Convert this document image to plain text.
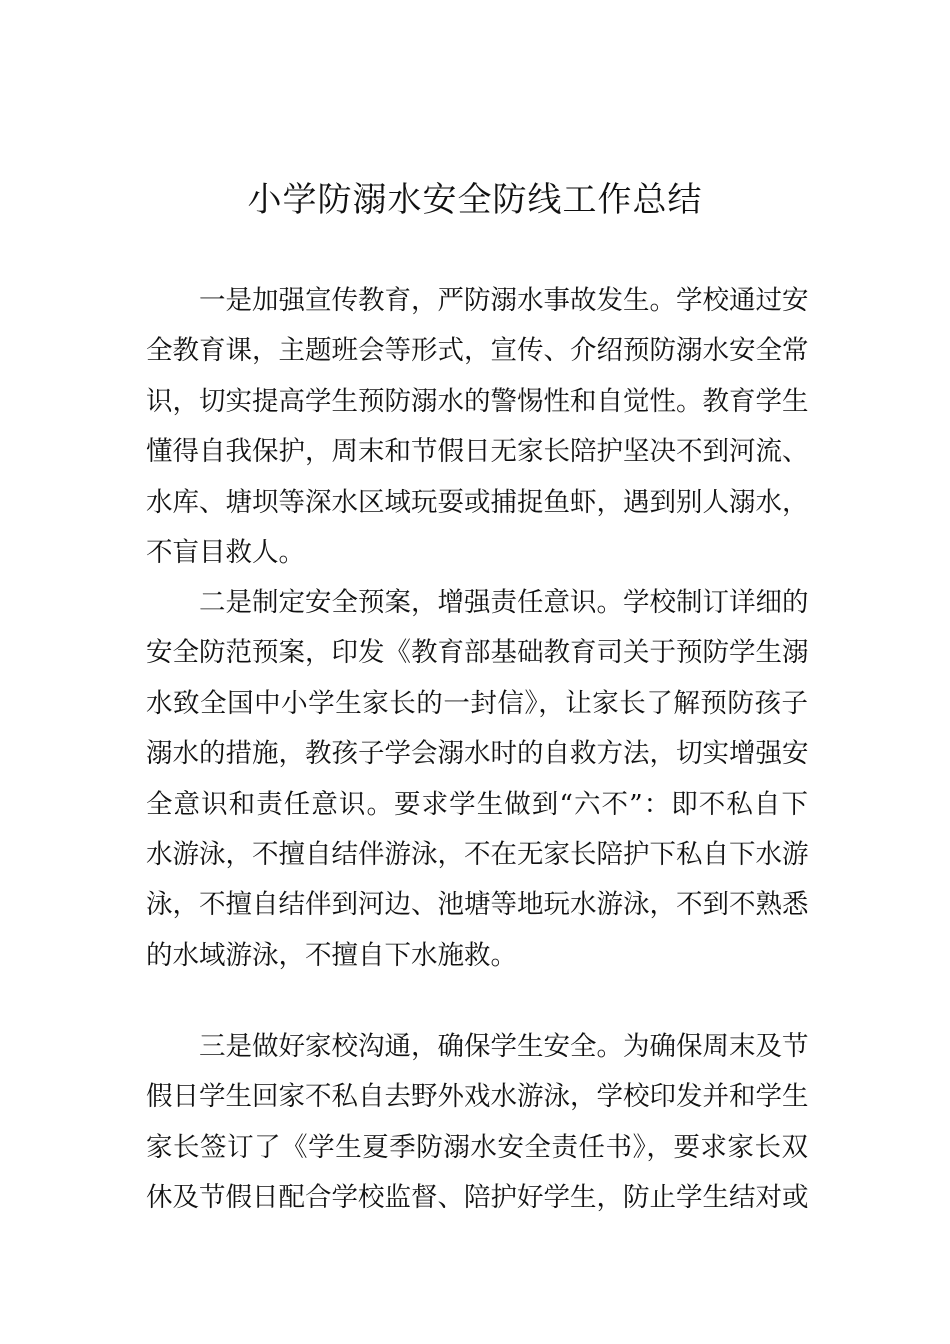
小学防溺水安全防线工作总结
一是加强宣传教育，严防溺水事故发生。学校通过安
全教育课，主题班会等形式，宣传、介绍预防溺水安全常
识，切实提高学生预防溺水的警惕性和自觉性。教育学生
懂得自我保护，周末和节假日无家长陪护坚决不到河流、
水库、塘坝等深水区域玩耍或捕捉鱼虾，遇到别人溺水，
不盲目救人。
二是制定安全预案，增强责任意识。学校制订详细的
安全防范预案，印发《教育部基础教育司关于预防学生溺
水致全国中小学生家长的一封信》，让家长了解预防孩子
溺水的措施，教孩子学会溺水时的自救方法，切实增强安
全意识和责任意识。要求学生做到“六不”：即不私自下
水游泳，不擅自结伴游泳，不在无家长陪护下私自下水游
泳，不擅自结伴到河边、池塘等地玩水游泳，不到不熟悉
的水域游泳，不擅自下水施救。
三是做好家校沟通，确保学生安全。为确保周末及节
假日学生回家不私自去野外戏水游泳，学校印发并和学生
家长签订了《学生夏季防溺水安全责任书》，要求家长双
休及节假日配合学校监督、陪护好学生，防止学生结对或
